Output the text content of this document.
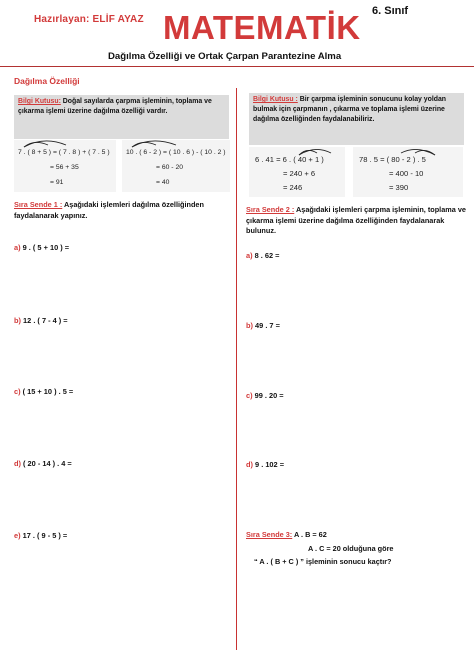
Hazırlayan: ELİF AYAZ MATEMATİK 6. Sınıf
Dağılma Özelliği ve Ortak Çarpan Parantezine Alma
Dağılma Özelliği
Bilgi Kutusu: Doğal sayılarda çarpma işleminin, toplama ve çıkarma işlemi üzerine dağılma özelliği vardır.
7 . ( 8 + 5 ) = ( 7 . 8 ) + ( 7 . 5 )
= 56 + 35
= 91
10 . ( 6 - 2 ) = ( 10 . 6 ) - ( 10 . 2 )
= 60 - 20
= 40
Sıra Sende 1 : Aşağıdaki işlemleri dağılma özelliğinden faydalanarak yapınız.
a) 9 . ( 5 + 10 ) =
b) 12 . ( 7 - 4 ) =
c) ( 15 + 10 ) . 5 =
d) ( 20 - 14 ) . 4 =
e) 17 . ( 9 - 5 ) =
Bilgi Kutusu : Bir çarpma işleminin sonucunu kolay yoldan bulmak için çarpmanın , çıkarma ve toplama işlemi üzerine dağılma özelliğinden faydalanabiliriz.
6 . 41 = 6 . ( 40 + 1 )
= 240 + 6
= 246
78 . 5 = ( 80 - 2 ) . 5
= 400 - 10
= 390
Sıra Sende 2 : Aşağıdaki işlemleri çarpma işleminin, toplama ve çıkarma işlemi üzerine dağılma özelliğinden faydalanarak bulunuz.
a) 8 . 62 =
b) 49 . 7 =
c) 99 . 20 =
d) 9 . 102 =
Sıra Sende 3: A . B = 62
A . C = 20 olduğuna göre
“ A . ( B + C ) ” işleminin sonucu kaçtır?
